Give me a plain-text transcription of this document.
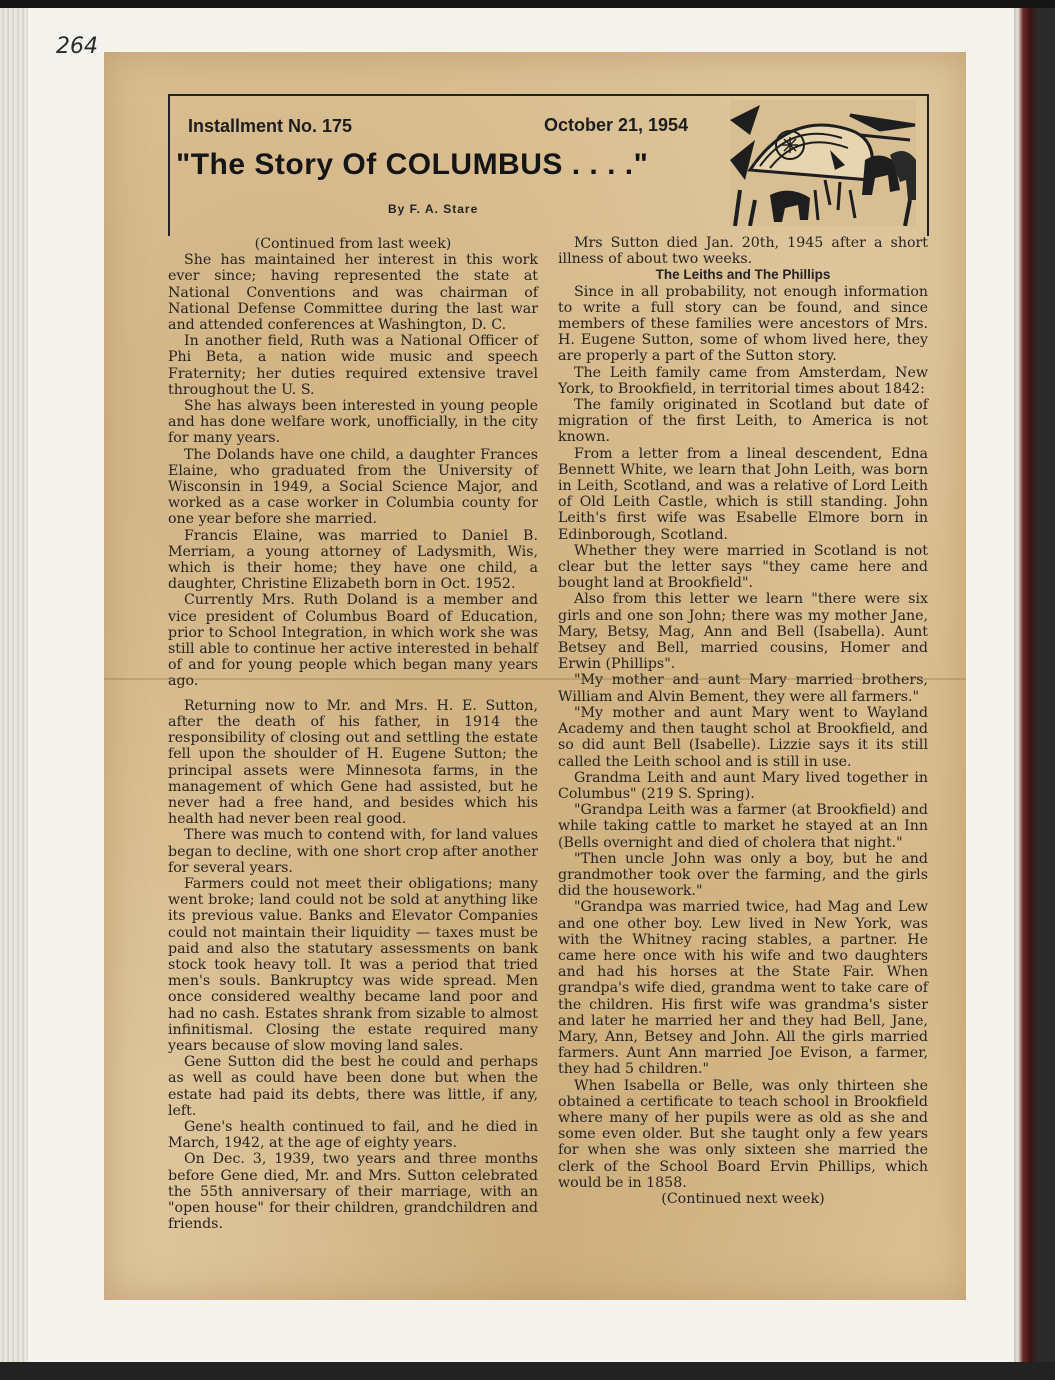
264
Installment No. 175	October 21, 1954
"The Story Of COLUMBUS . . . ."
By F. A. Stare

(Continued from last week)

She has maintained her interest in this work ever since; having represented the state at National Conventions and was chairman of National Defense Committee during the last war and attended conferences at Washington, D. C.

In another field, Ruth was a National Officer of Phi Beta, a nation wide music and speech Fraternity; her duties required extensive travel throughout the U. S.

She has always been interested in young people and has done welfare work, unofficially, in the city for many years.

The Dolands have one child, a daughter Frances Elaine, who graduated from the University of Wisconsin in 1949, a Social Science Major, and worked as a case worker in Columbia county for one year before she married.

Francis Elaine, was married to Daniel B. Merriam, a young attorney of Ladysmith, Wis, which is their home; they have one child, a daughter, Christine Elizabeth born in Oct. 1952.

Currently Mrs. Ruth Doland is a member and vice president of Columbus Board of Education, prior to School Integration, in which work she was still able to continue her active interested in behalf of and for young people which began many years ago.

Returning now to Mr. and Mrs. H. E. Sutton, after the death of his father, in 1914 the responsibility of closing out and settling the estate fell upon the shoulder of H. Eugene Sutton; the principal assets were Minnesota farms, in the management of which Gene had assisted, but he never had a free hand, and besides which his health had never been real good.

There was much to contend with, for land values began to decline, with one short crop after another for several years.

Farmers could not meet their obligations; many went broke; land could not be sold at anything like its previous value. Banks and Elevator Companies could not maintain their liquidity — taxes must be paid and also the statutary assessments on bank stock took heavy toll. It was a period that tried men's souls. Bankruptcy was wide spread. Men once considered wealthy became land poor and had no cash. Estates shrank from sizable to almost infinitismal. Closing the estate required many years because of slow moving land sales.

Gene Sutton did the best he could and perhaps as well as could have been done but when the estate had paid its debts, there was little, if any, left.

Gene's health continued to fail, and he died in March, 1942, at the age of eighty years.

On Dec. 3, 1939, two years and three months before Gene died, Mr. and Mrs. Sutton celebrated the 55th anniversary of their marriage, with an "open house" for their children, grandchildren and friends.

Mrs Sutton died Jan. 20th, 1945 after a short illness of about two weeks.

The Leiths and The Phillips

Since in all probability, not enough information to write a full story can be found, and since members of these families were ancestors of Mrs. H. Eugene Sutton, some of whom lived here, they are properly a part of the Sutton story.

The Leith family came from Amsterdam, New York, to Brookfield, in territorial times about 1842:

The family originated in Scotland but date of migration of the first Leith, to America is not known.

From a letter from a lineal descendent, Edna Bennett White, we learn that John Leith, was born in Leith, Scotland, and was a relative of Lord Leith of Old Leith Castle, which is still standing. John Leith's first wife was Esabelle Elmore born in Edinborough, Scotland.

Whether they were married in Scotland is not clear but the letter says "they came here and bought land at Brookfield".

Also from this letter we learn "there were six girls and one son John; there was my mother Jane, Mary, Betsy, Mag, Ann and Bell (Isabella). Aunt Betsey and Bell, married cousins, Homer and Erwin (Phillips".

"My mother and aunt Mary married brothers, William and Alvin Bement, they were all farmers."

"My mother and aunt Mary went to Wayland Academy and then taught schol at Brookfield, and so did aunt Bell (Isabelle). Lizzie says it its still called the Leith school and is still in use.

Grandma Leith and aunt Mary lived together in Columbus" (219 S. Spring).

"Grandpa Leith was a farmer (at Brookfield) and while taking cattle to market he stayed at an Inn (Bells overnight and died of cholera that night."

"Then uncle John was only a boy, but he and grandmother took over the farming, and the girls did the housework."

"Grandpa was married twice, had Mag and Lew and one other boy. Lew lived in New York, was with the Whitney racing stables, a partner. He came here once with his wife and two daughters and had his horses at the State Fair. When grandpa's wife died, grandma went to take care of the children. His first wife was grandma's sister and later he married her and they had Bell, Jane, Mary, Ann, Betsey and John. All the girls married farmers. Aunt Ann married Joe Evison, a farmer, they had 5 children."

When Isabella or Belle, was only thirteen she obtained a certificate to teach school in Brookfield where many of her pupils were as old as she and some even older. But she taught only a few years for when she was only sixteen she married the clerk of the School Board Ervin Phillips, which would be in 1858.

(Continued next week)
